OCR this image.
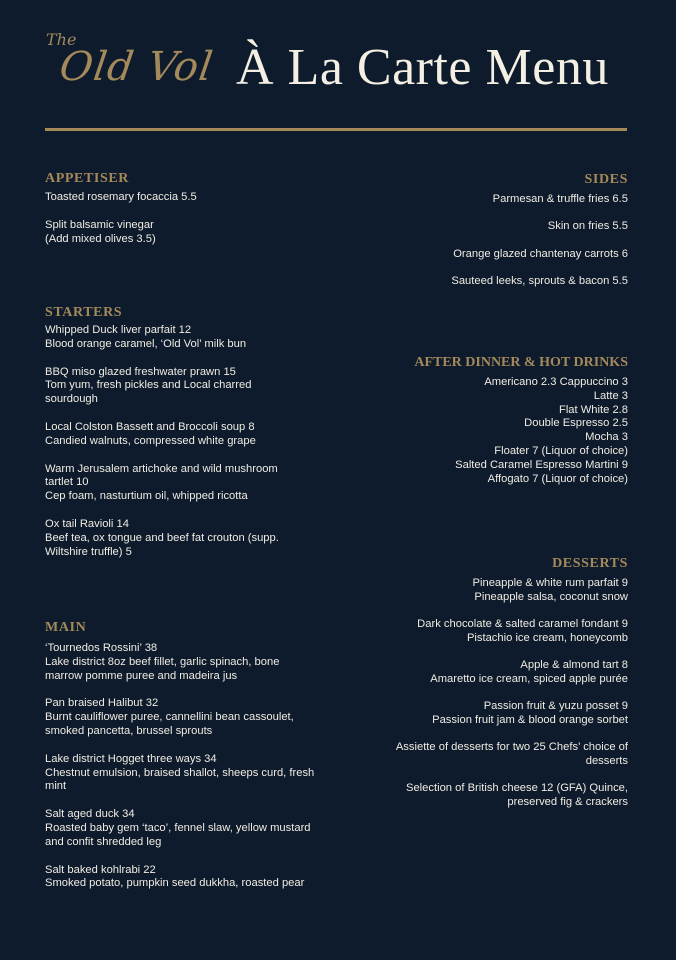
The
Old Vol À La Carte Menu
APPETISER
Toasted rosemary focaccia 5.5
Split balsamic vinegar
(Add mixed olives 3.5)
STARTERS
Whipped Duck liver parfait 12
Blood orange caramel, ‘Old Vol’ milk bun
BBQ miso glazed freshwater prawn 15
Tom yum, fresh pickles and Local charred
sourdough
Local Colston Bassett and Broccoli soup 8
Candied walnuts, compressed white grape
Warm Jerusalem artichoke and wild mushroom
tartlet 10
Cep foam, nasturtium oil, whipped ricotta
Ox tail Ravioli 14
Beef tea, ox tongue and beef fat crouton (supp.
Wiltshire truffle) 5
MAIN
‘Tournedos Rossini’ 38
Lake district 8oz beef fillet, garlic spinach, bone
marrow pomme puree and madeira jus
Pan braised Halibut 32
Burnt cauliflower puree, cannellini bean cassoulet,
smoked pancetta, brussel sprouts
Lake district Hogget three ways 34
Chestnut emulsion, braised shallot, sheeps curd, fresh
mint
Salt aged duck 34
Roasted baby gem ‘taco’, fennel slaw, yellow mustard
and confit shredded leg
Salt baked kohlrabi 22
Smoked potato, pumpkin seed dukkha, roasted pear
SIDES
Parmesan & truffle fries 6.5
Skin on fries 5.5
Orange glazed chantenay carrots 6
Sauteed leeks, sprouts & bacon 5.5
AFTER DINNER & HOT DRINKS
Americano 2.3 Cappuccino 3
Latte 3
Flat White 2.8
Double Espresso 2.5
Mocha 3
Floater 7 (Liquor of choice)
Salted Caramel Espresso Martini 9
Affogato 7 (Liquor of choice)
DESSERTS
Pineapple & white rum parfait 9
Pineapple salsa, coconut snow
Dark chocolate & salted caramel fondant 9
Pistachio ice cream, honeycomb
Apple & almond tart 8
Amaretto ice cream, spiced apple purée
Passion fruit & yuzu posset 9
Passion fruit jam & blood orange sorbet
Assiette of desserts for two 25 Chefs’ choice of
desserts
Selection of British cheese 12 (GFA) Quince,
preserved fig & crackers
